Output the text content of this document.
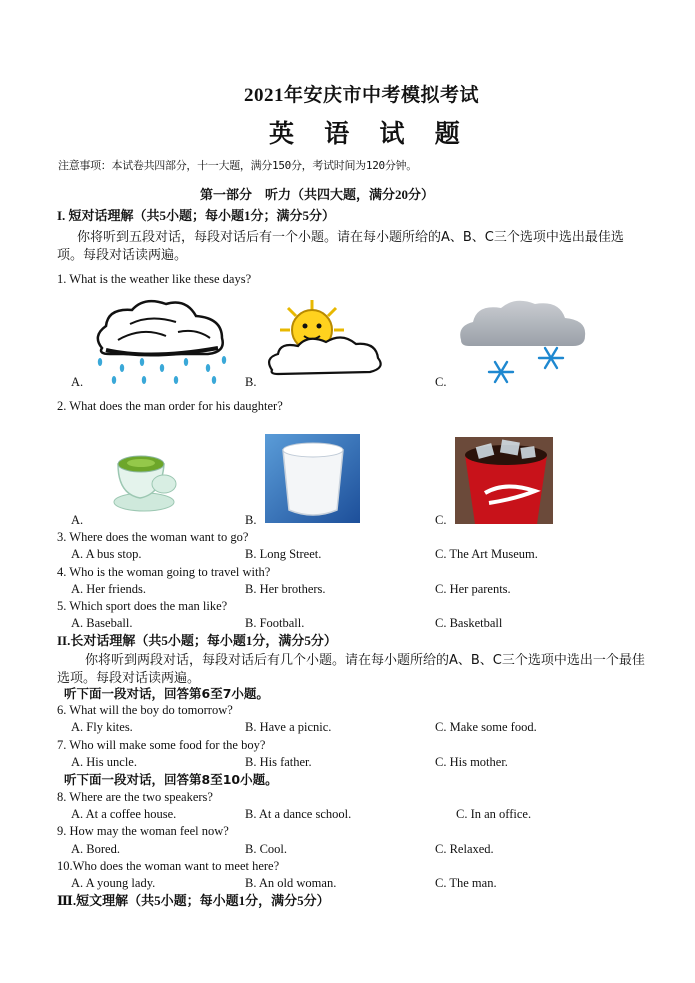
2021年安庆市中考模拟考试
英 语 试 题
注意事项：本试卷共四部分，十一大题，满分150分，考试时间为120分钟。
第一部分　听力（共四大题，满分20分）
I. 短对话理解（共5小题；每小题1分；满分5分）
你将听到五段对话，每段对话后有一个小题。请在每小题所给的A、B、C三个选项中选出最佳选项。每段对话读两遍。
1. What is the weather like these days?
A.	B.	C.
2. What does the man order for his daughter?
A.	B.	C.
3. Where does the woman want to go?
A. A bus stop.	B. Long Street.	C. The Art Museum.
4. Who is the woman going to travel with?
A. Her friends.	B. Her brothers.	C. Her parents.
5. Which sport does the man like?
A. Baseball.	B. Football.	C. Basketball
II.长对话理解（共5小题；每小题1分，满分5分）
你将听到两段对话，每段对话后有几个小题。请在每小题所给的A、B、C三个选项中选出一个最佳选项。每段对话读两遍。
听下面一段对话，回答第6至7小题。
6. What will the boy do tomorrow?
A. Fly kites.	B. Have a picnic.	C. Make some food.
7. Who will make some food for the boy?
A. His uncle.	B. His father.	C. His mother.
听下面一段对话，回答第8至10小题。
8. Where are the two speakers?
A. At a coffee house.	B. At a dance school.	C. In an office.
9. How may the woman feel now?
A. Bored.	B. Cool.	C. Relaxed.
10.Who does the woman want to meet here?
A. A young lady.	B. An old woman.	C. The man.
Ⅲ.短文理解（共5小题；每小题1分，满分5分）
